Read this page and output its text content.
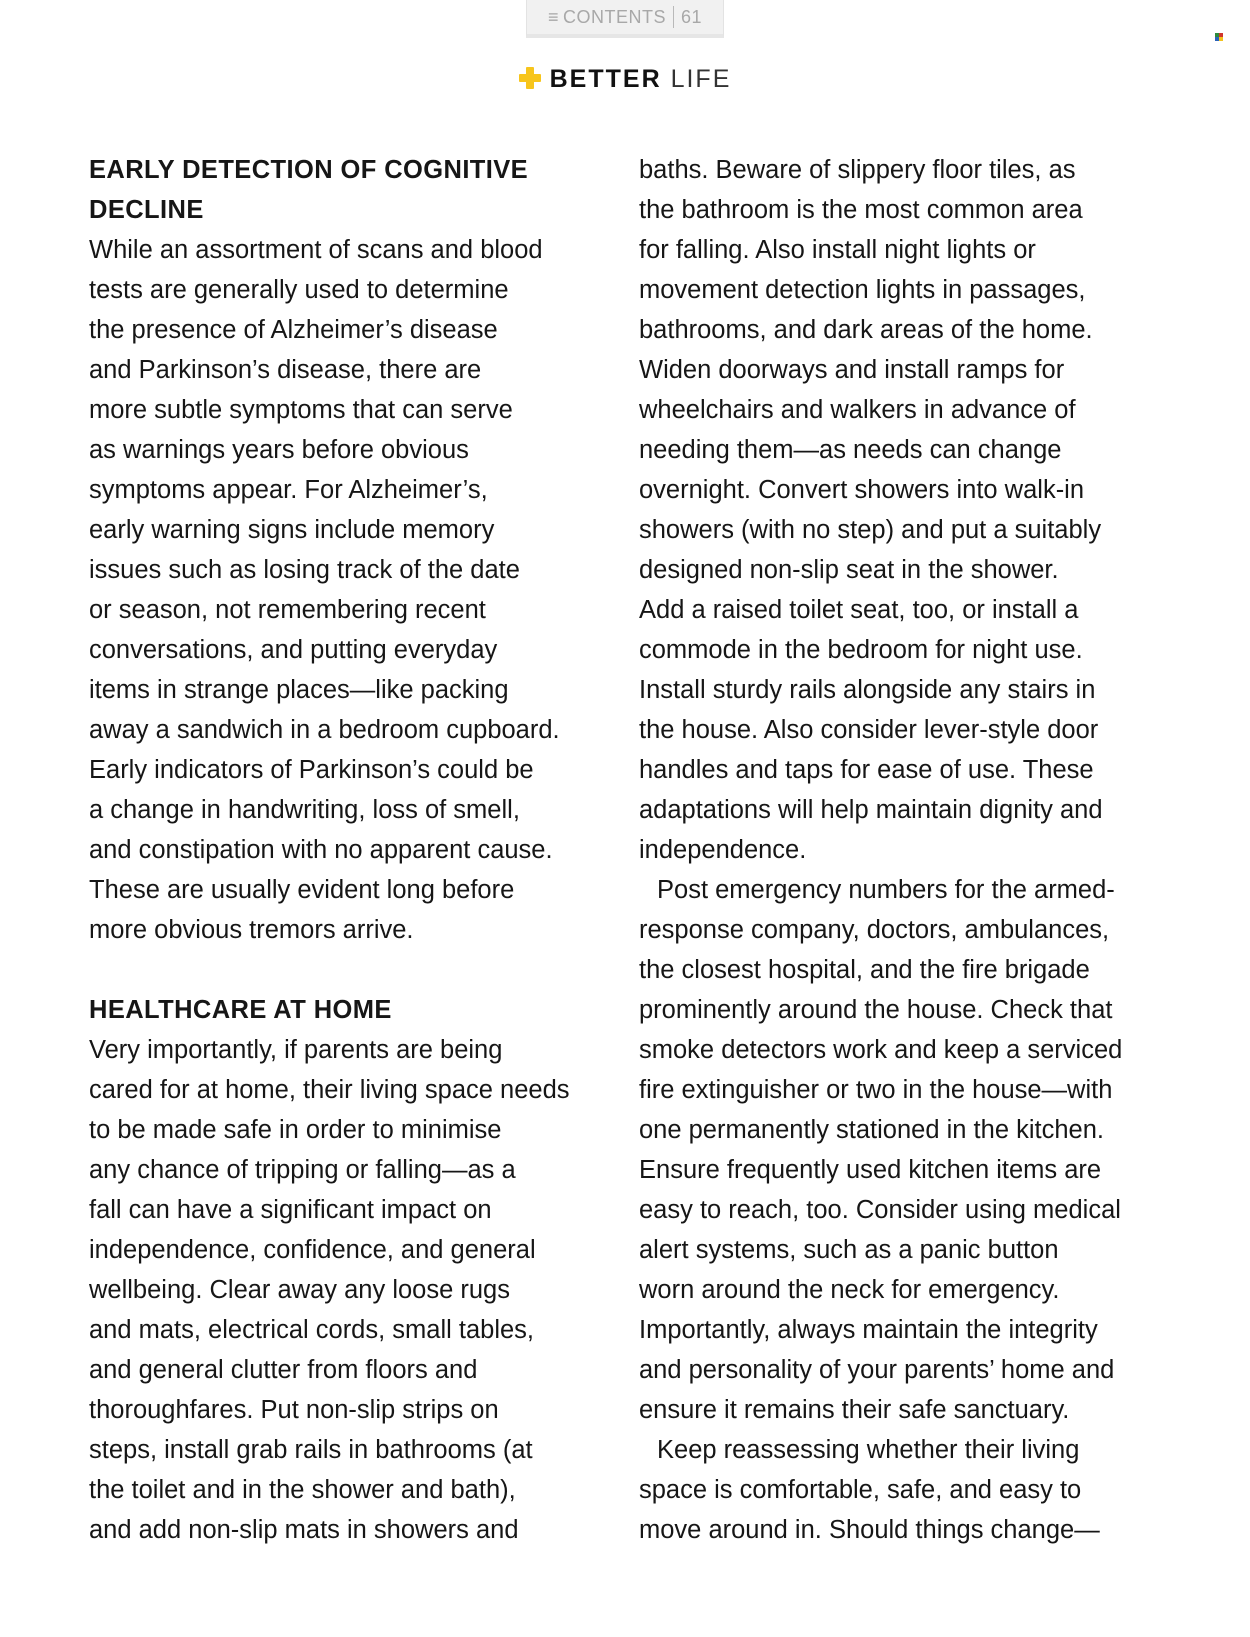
≡ CONTENTS 61
BETTER LIFE
EARLY DETECTION OF COGNITIVE
DECLINE
While an assortment of scans and blood
tests are generally used to determine
the presence of Alzheimer’s disease
and Parkinson’s disease, there are
more subtle symptoms that can serve
as warnings years before obvious
symptoms appear. For Alzheimer’s,
early warning signs include memory
issues such as losing track of the date
or season, not remembering recent
conversations, and putting everyday
items in strange places—like packing
away a sandwich in a bedroom cupboard.
Early indicators of Parkinson’s could be
a change in handwriting, loss of smell,
and constipation with no apparent cause.
These are usually evident long before
more obvious tremors arrive.
HEALTHCARE AT HOME
Very importantly, if parents are being
cared for at home, their living space needs
to be made safe in order to minimise
any chance of tripping or falling—as a
fall can have a significant impact on
independence, confidence, and general
wellbeing. Clear away any loose rugs
and mats, electrical cords, small tables,
and general clutter from floors and
thoroughfares. Put non-slip strips on
steps, install grab rails in bathrooms (at
the toilet and in the shower and bath),
and add non-slip mats in showers and
baths. Beware of slippery floor tiles, as
the bathroom is the most common area
for falling. Also install night lights or
movement detection lights in passages,
bathrooms, and dark areas of the home.
Widen doorways and install ramps for
wheelchairs and walkers in advance of
needing them—as needs can change
overnight. Convert showers into walk-in
showers (with no step) and put a suitably
designed non-slip seat in the shower.
Add a raised toilet seat, too, or install a
commode in the bedroom for night use.
Install sturdy rails alongside any stairs in
the house. Also consider lever-style door
handles and taps for ease of use. These
adaptations will help maintain dignity and
independence.
Post emergency numbers for the armed-
response company, doctors, ambulances,
the closest hospital, and the fire brigade
prominently around the house. Check that
smoke detectors work and keep a serviced
fire extinguisher or two in the house—with
one permanently stationed in the kitchen.
Ensure frequently used kitchen items are
easy to reach, too. Consider using medical
alert systems, such as a panic button
worn around the neck for emergency.
Importantly, always maintain the integrity
and personality of your parents’ home and
ensure it remains their safe sanctuary.
Keep reassessing whether their living
space is comfortable, safe, and easy to
move around in. Should things change—
